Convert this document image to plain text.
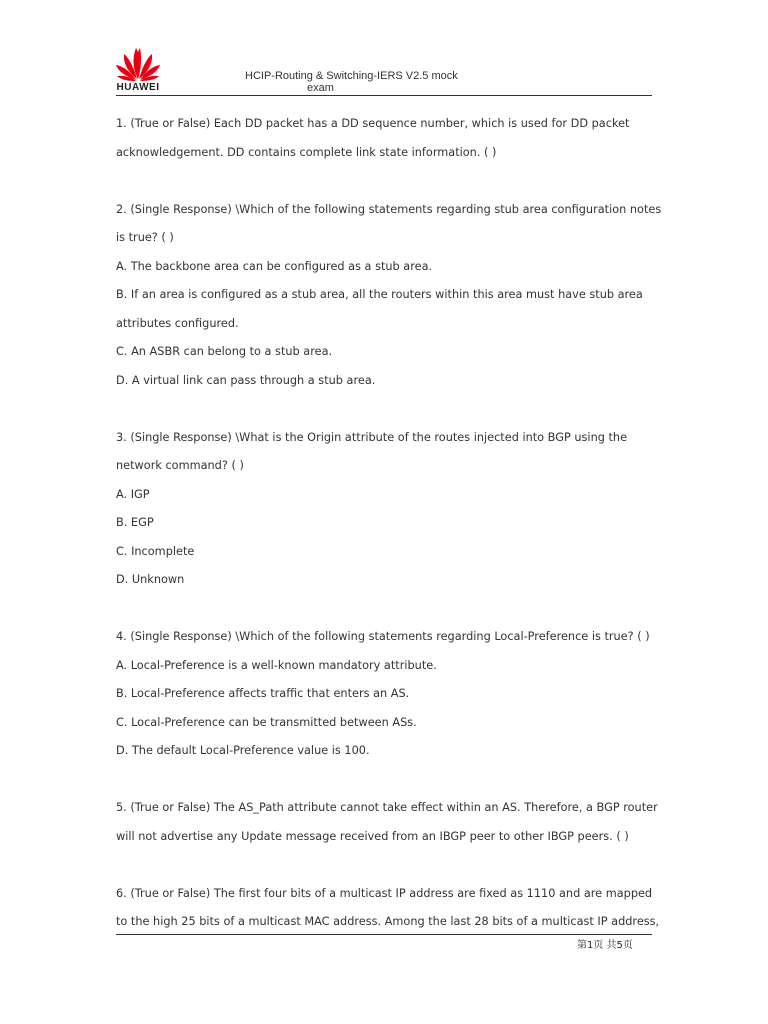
HUAWEI
HCIP-Routing & Switching-IERS V2.5 mock
exam

1. (True or False) Each DD packet has a DD sequence number, which is used for DD packet

acknowledgement. DD contains complete link state information. ( )

2. (Single Response) \Which of the following statements regarding stub area configuration notes

is true? ( )

A. The backbone area can be configured as a stub area.

B. If an area is configured as a stub area, all the routers within this area must have stub area

attributes configured.

C. An ASBR can belong to a stub area.

D. A virtual link can pass through a stub area.

3. (Single Response) \What is the Origin attribute of the routes injected into BGP using the

network command? ( )

A. IGP

B. EGP

C. Incomplete

D. Unknown

4. (Single Response) \Which of the following statements regarding Local-Preference is true? ( )

A. Local-Preference is a well-known mandatory attribute.

B. Local-Preference affects traffic that enters an AS.

C. Local-Preference can be transmitted between ASs.

D. The default Local-Preference value is 100.

5. (True or False) The AS_Path attribute cannot take effect within an AS. Therefore, a BGP router

will not advertise any Update message received from an IBGP peer to other IBGP peers. ( )

6. (True or False) The first four bits of a multicast IP address are fixed as 1110 and are mapped

to the high 25 bits of a multicast MAC address. Among the last 28 bits of a multicast IP address,

第1页 共5页
